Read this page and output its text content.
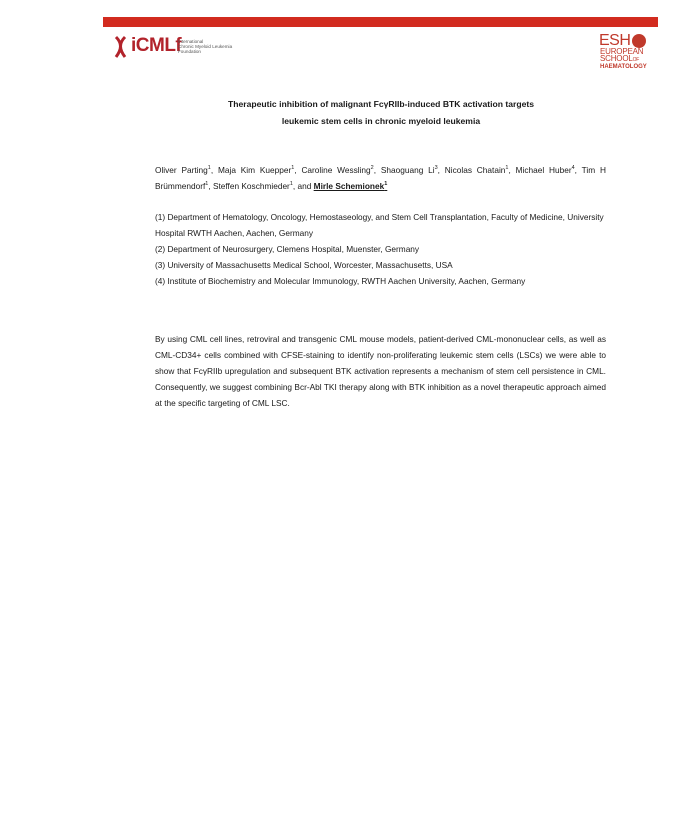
iCMLf
International
Chronic Myeloid Leukemia
Foundation
ESH
EUROPEAN
SCHOOLOF
HAEMATOLOGY
Therapeutic inhibition of malignant FcγRIIb-induced BTK activation targets
leukemic stem cells in chronic myeloid leukemia
Oliver Parting$^1$, Maja Kim Kuepper$^1$, Caroline Wessling$^2$, Shaoguang Li$^3$, Nicolas Chatain$^1$, Michael Huber$^4$, Tim H Brümmendorf$^1$, Steffen Koschmieder$^1$, and Mirle Schemionek$^1$

(1) Department of Hematology, Oncology, Hemostaseology, and Stem Cell Transplantation, Faculty of Medicine, University Hospital RWTH Aachen, Aachen, Germany

(2) Department of Neurosurgery, Clemens Hospital, Muenster, Germany

(3) University of Massachusetts Medical School, Worcester, Massachusetts, USA

(4) Institute of Biochemistry and Molecular Immunology, RWTH Aachen University, Aachen, Germany

By using CML cell lines, retroviral and transgenic CML mouse models, patient-derived CML-mononuclear cells, as well as CML-CD34+ cells combined with CFSE-staining to identify non-proliferating leukemic stem cells (LSCs) we were able to show that FcγRIIb upregulation and subsequent BTK activation represents a mechanism of stem cell persistence in CML. Consequently, we suggest combining Bcr-Abl TKI therapy along with BTK inhibition as a novel therapeutic approach aimed at the specific targeting of CML LSC.
